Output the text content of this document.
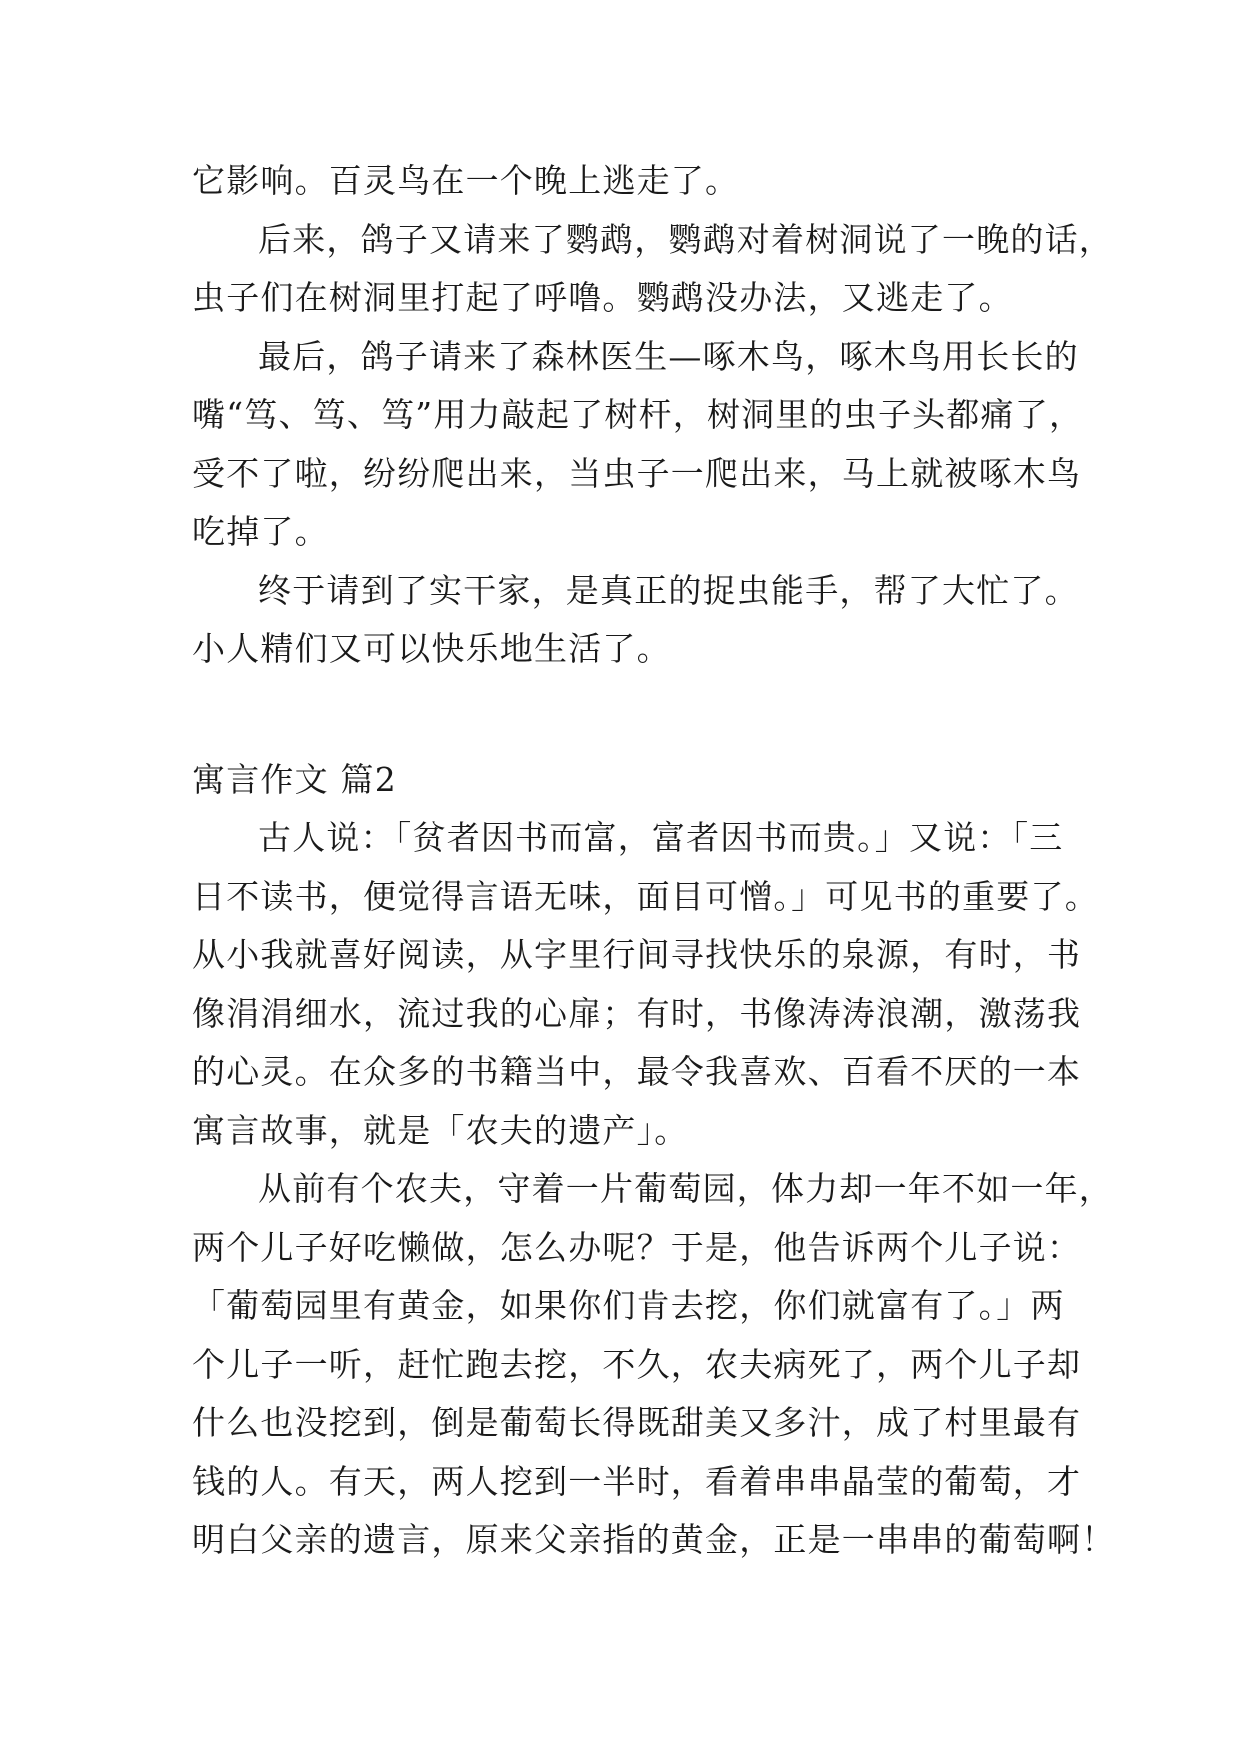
它影响。百灵鸟在一个晚上逃走了。
后来，鸽子又请来了鹦鹉，鹦鹉对着树洞说了一晚的话，
虫子们在树洞里打起了呼噜。鹦鹉没办法，又逃走了。
最后，鸽子请来了森林医生—啄木鸟，啄木鸟用长长的
嘴“笃、笃、笃”用力敲起了树杆，树洞里的虫子头都痛了，
受不了啦，纷纷爬出来，当虫子一爬出来，马上就被啄木鸟
吃掉了。
终于请到了实干家，是真正的捉虫能手，帮了大忙了。
小人精们又可以快乐地生活了。
寓言作文 篇2
古人说：「贫者因书而富，富者因书而贵。」又说：「三
日不读书，便觉得言语无味，面目可憎。」可见书的重要了。
从小我就喜好阅读，从字里行间寻找快乐的泉源，有时，书
像涓涓细水，流过我的心扉；有时，书像涛涛浪潮，激荡我
的心灵。在众多的书籍当中，最令我喜欢、百看不厌的一本
寓言故事，就是「农夫的遗产」。
从前有个农夫，守着一片葡萄园，体力却一年不如一年，
两个儿子好吃懒做，怎么办呢？于是，他告诉两个儿子说：
「葡萄园里有黄金，如果你们肯去挖，你们就富有了。」两
个儿子一听，赶忙跑去挖，不久，农夫病死了，两个儿子却
什么也没挖到，倒是葡萄长得既甜美又多汁，成了村里最有
钱的人。有天，两人挖到一半时，看着串串晶莹的葡萄，才
明白父亲的遗言，原来父亲指的黄金，正是一串串的葡萄啊！
